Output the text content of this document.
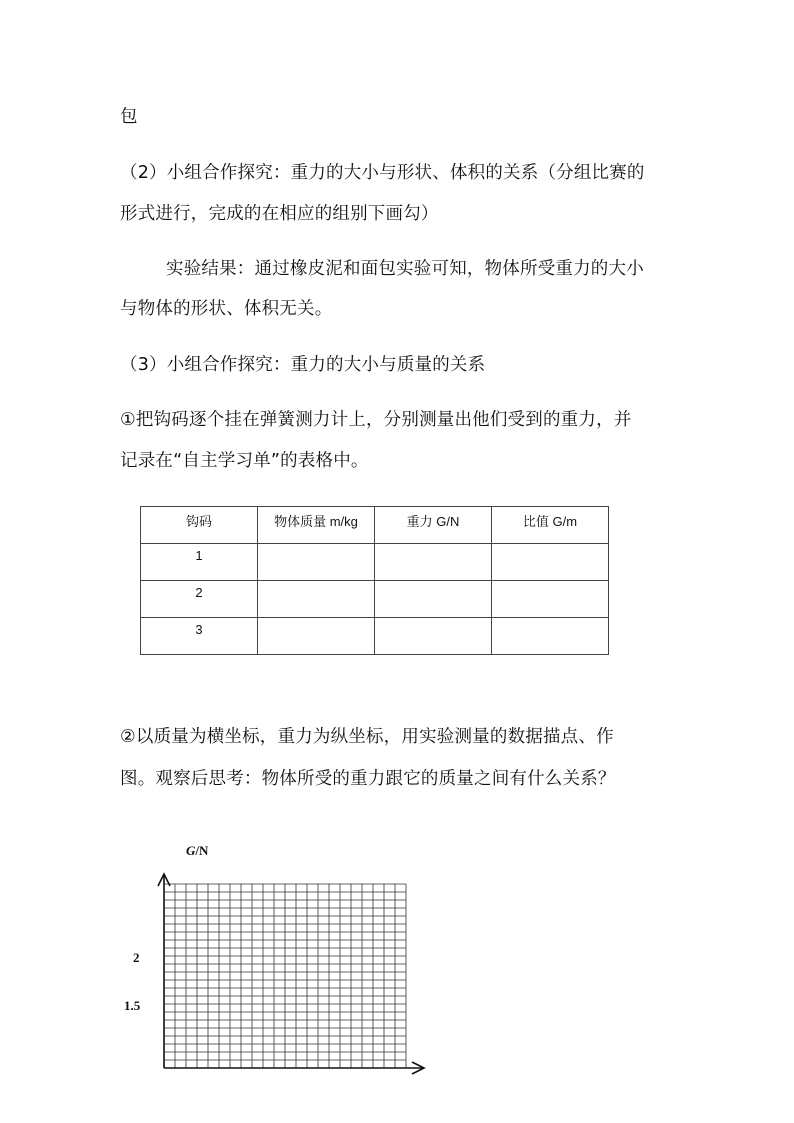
包
（2）小组合作探究：重力的大小与形状、体积的关系（分组比赛的
形式进行，完成的在相应的组别下画勾）
实验结果：通过橡皮泥和面包实验可知，物体所受重力的大小
与物体的形状、体积无关。
（3）小组合作探究：重力的大小与质量的关系
①把钩码逐个挂在弹簧测力计上，分别测量出他们受到的重力，并
记录在“自主学习单”的表格中。
钩码	物体质量 m/kg	重力 G/N	比值 G/m
1			
2			
3			
②以质量为横坐标，重力为纵坐标，用实验测量的数据描点、作
图。观察后思考：物体所受的重力跟它的质量之间有什么关系？
G/N
2
1.5
